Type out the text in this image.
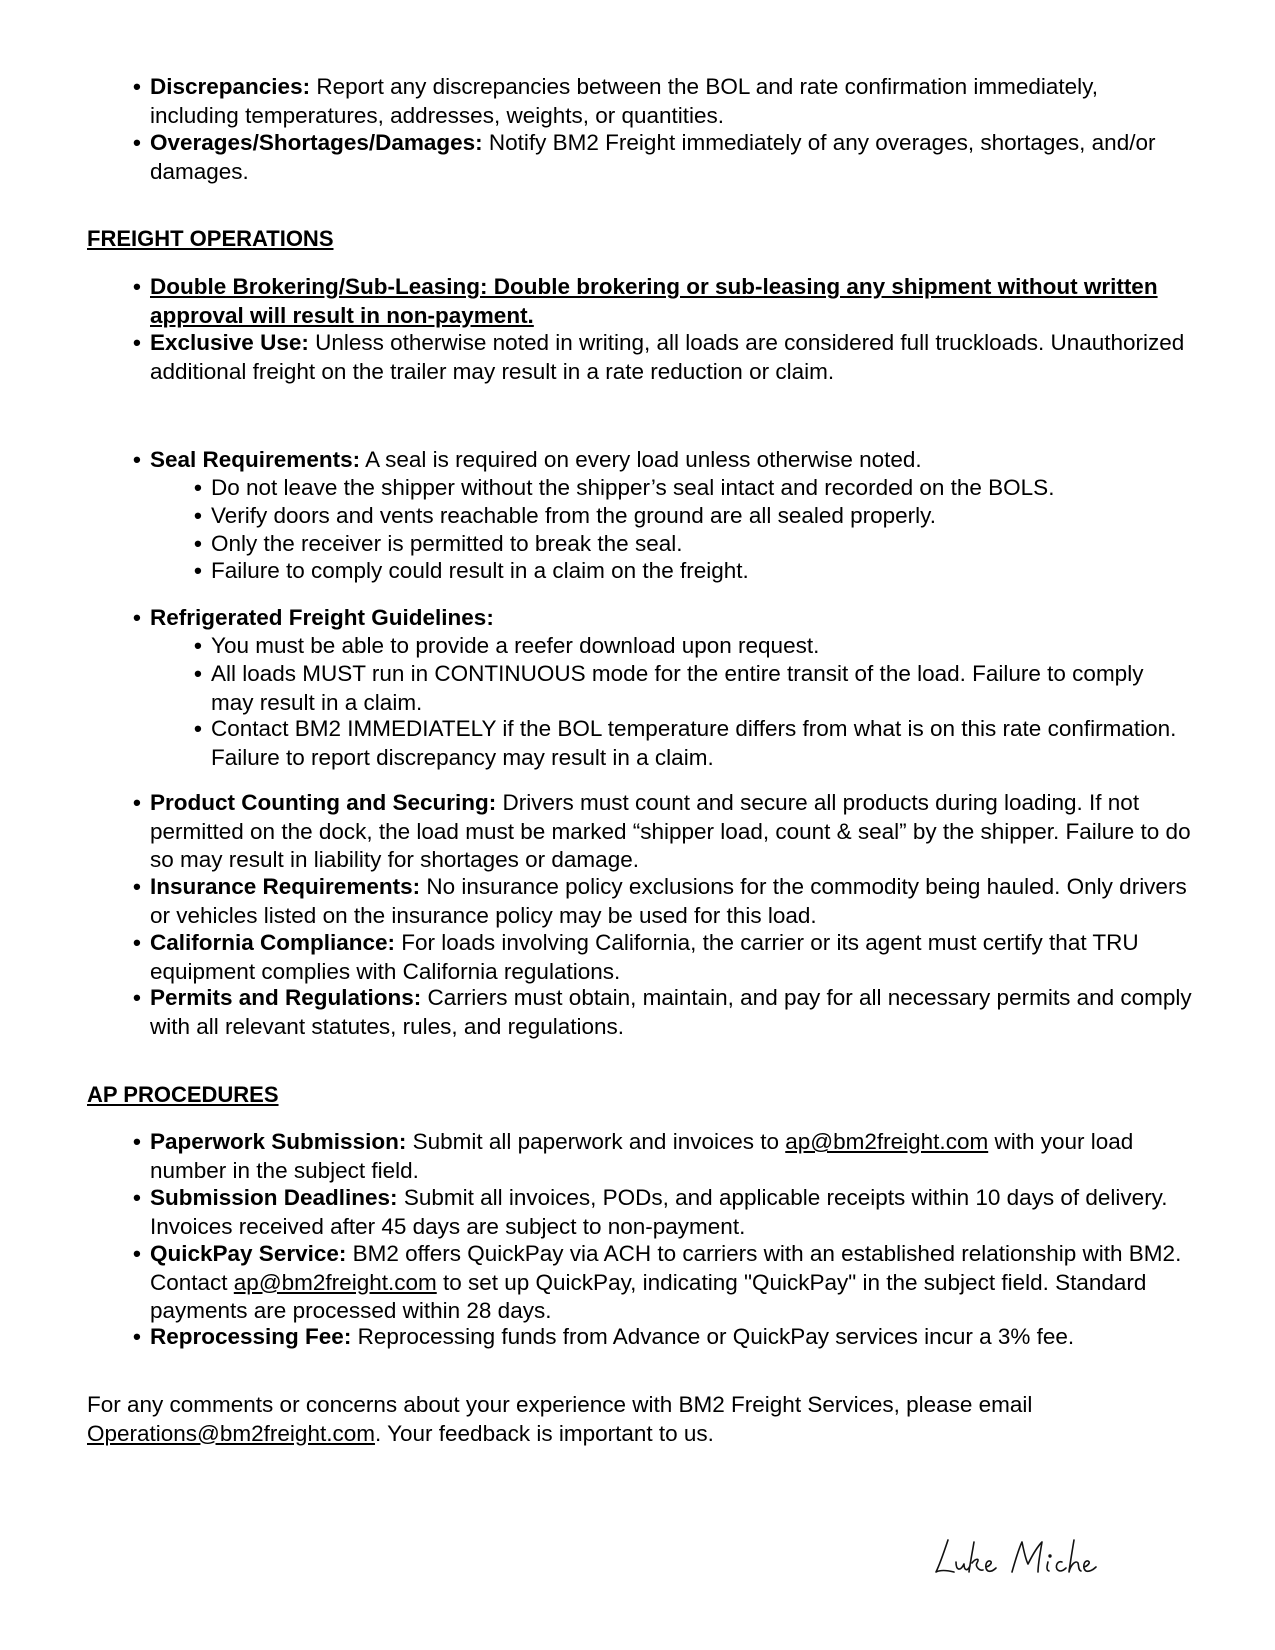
• Discrepancies: Report any discrepancies between the BOL and rate confirmation immediately, including temperatures, addresses, weights, or quantities.
• Overages/Shortages/Damages: Notify BM2 Freight immediately of any overages, shortages, and/or damages.
FREIGHT OPERATIONS
• Double Brokering/Sub-Leasing: Double brokering or sub-leasing any shipment without written approval will result in non-payment.
• Exclusive Use: Unless otherwise noted in writing, all loads are considered full truckloads. Unauthorized additional freight on the trailer may result in a rate reduction or claim.
• Seal Requirements: A seal is required on every load unless otherwise noted.
• Do not leave the shipper without the shipper’s seal intact and recorded on the BOLS.
• Verify doors and vents reachable from the ground are all sealed properly.
• Only the receiver is permitted to break the seal.
• Failure to comply could result in a claim on the freight.
• Refrigerated Freight Guidelines:
• You must be able to provide a reefer download upon request.
• All loads MUST run in CONTINUOUS mode for the entire transit of the load. Failure to comply may result in a claim.
• Contact BM2 IMMEDIATELY if the BOL temperature differs from what is on this rate confirmation. Failure to report discrepancy may result in a claim.
• Product Counting and Securing: Drivers must count and secure all products during loading. If not permitted on the dock, the load must be marked “shipper load, count & seal” by the shipper. Failure to do so may result in liability for shortages or damage.
• Insurance Requirements: No insurance policy exclusions for the commodity being hauled. Only drivers or vehicles listed on the insurance policy may be used for this load.
• California Compliance: For loads involving California, the carrier or its agent must certify that TRU equipment complies with California regulations.
• Permits and Regulations: Carriers must obtain, maintain, and pay for all necessary permits and comply with all relevant statutes, rules, and regulations.
AP PROCEDURES
• Paperwork Submission: Submit all paperwork and invoices to ap@bm2freight.com with your load number in the subject field.
• Submission Deadlines: Submit all invoices, PODs, and applicable receipts within 10 days of delivery. Invoices received after 45 days are subject to non-payment.
• QuickPay Service: BM2 offers QuickPay via ACH to carriers with an established relationship with BM2. Contact ap@bm2freight.com to set up QuickPay, indicating "QuickPay" in the subject field. Standard payments are processed within 28 days.
• Reprocessing Fee: Reprocessing funds from Advance or QuickPay services incur a 3% fee.

For any comments or concerns about your experience with BM2 Freight Services, please email Operations@bm2freight.com. Your feedback is important to us.
